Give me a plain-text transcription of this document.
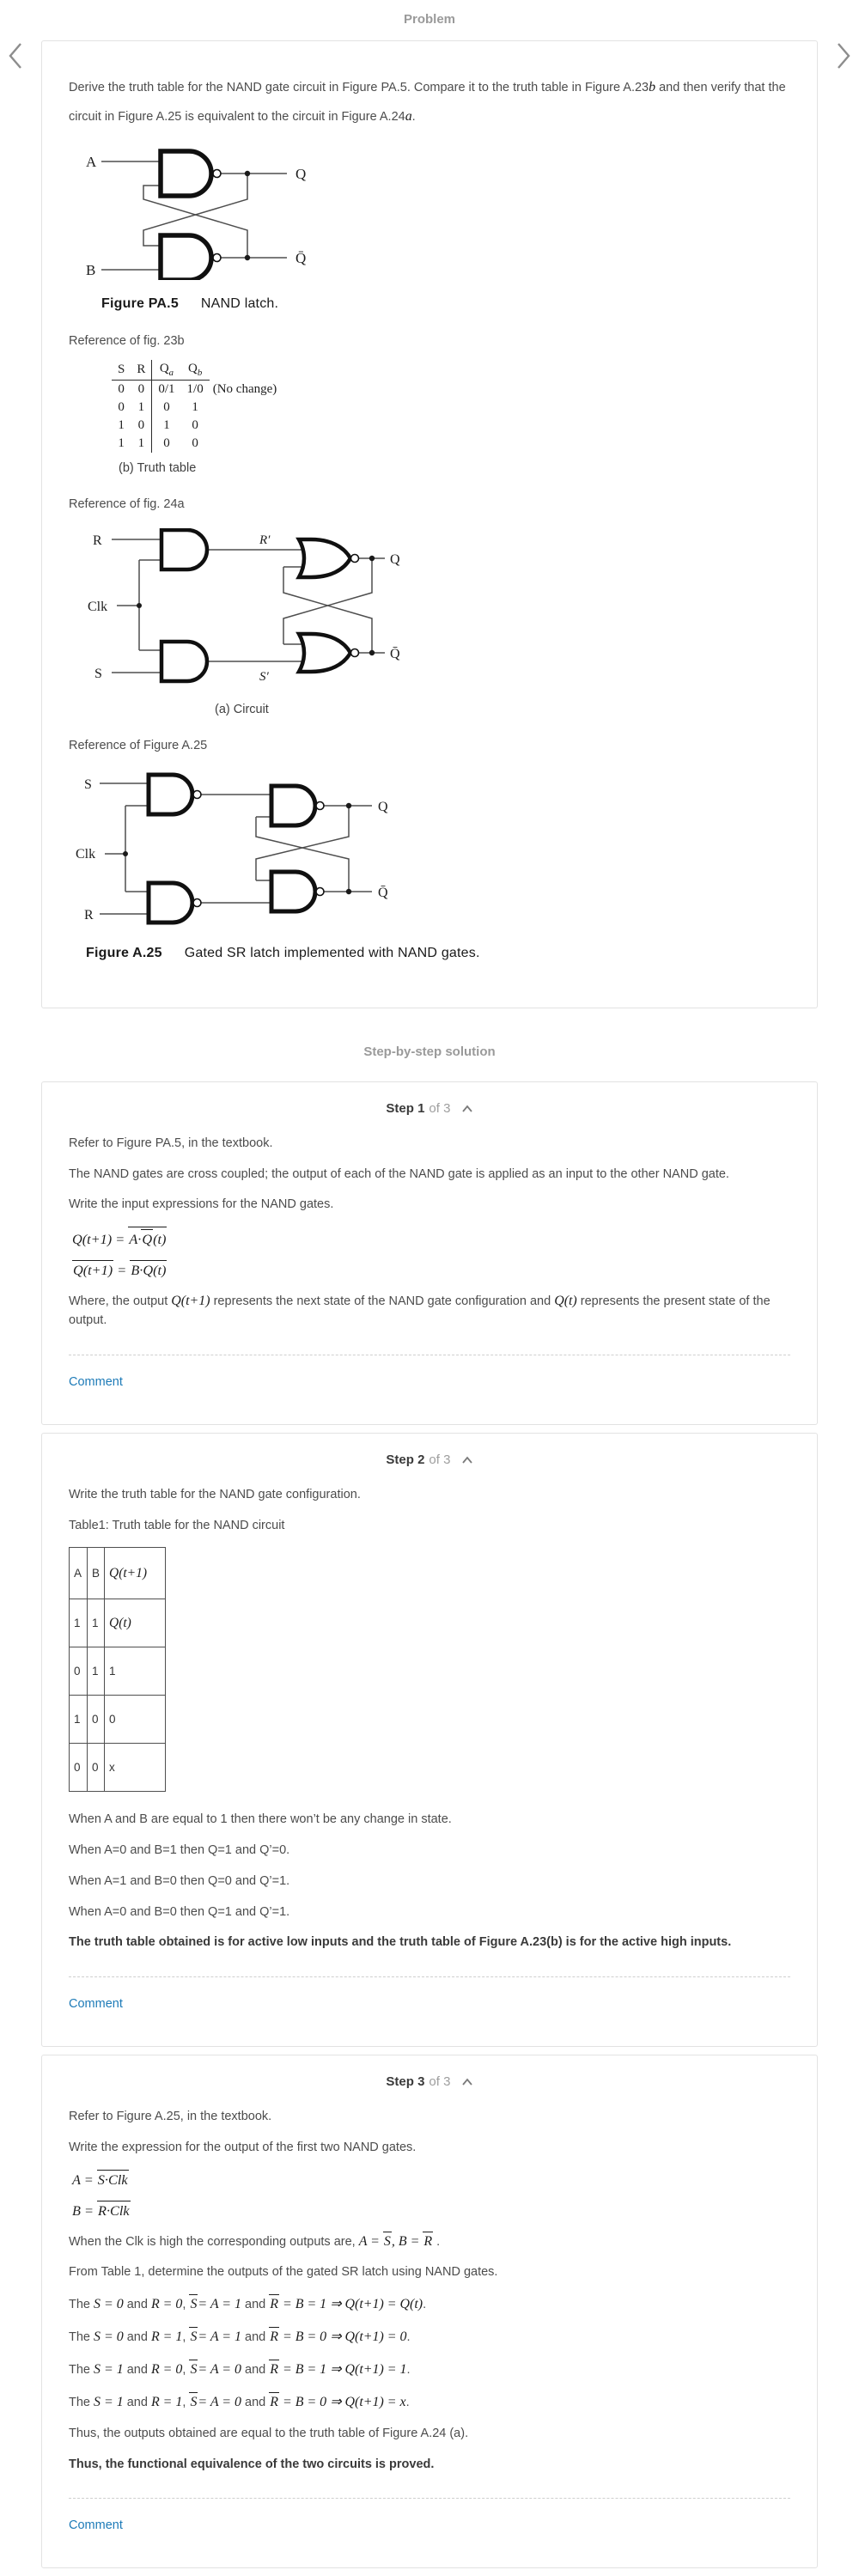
Problem
Derive the truth table for the NAND gate circuit in Figure PA.5. Compare it to the truth table in Figure A.23b and then verify that the
circuit in Figure A.25 is equivalent to the circuit in Figure A.24a.
A
B
Q
Q̄
Figure PA.5 NAND latch.
Reference of fig. 23b
S	R	$Q_a$	$Q_b$	
0	0	0/1	1/0	(No change)
0	1	0	1	
1	0	1	0	
1	1	0	0	
(b) Truth table
Reference of fig. 24a
R
Clk
S
R′
S′
Q
Q̄
(a) Circuit
Reference of Figure A.25
S
Clk
R
Q
Q̄
Figure A.25 Gated SR latch implemented with NAND gates.
Step-by-step solution
Step 1 of 3

Refer to Figure PA.5, in the textbook.

The NAND gates are cross coupled; the output of each of the NAND gate is applied as an input to the other NAND gate.

Write the input expressions for the NAND gates.

Q(t+1) = A·Q(t)
Q(t+1) = B·Q(t)

Where, the output Q(t+1) represents the next state of the NAND gate configuration and Q(t) represents the present state of the output.

Comment
Step 2 of 3

Write the truth table for the NAND gate configuration.

Table1: Truth table for the NAND circuit

A	B	Q(t+1)
1	1	Q(t)
0	1	1
1	0	0
0	0	x

When A and B are equal to 1 then there won’t be any change in state.

When A=0 and B=1 then Q=1 and Q’=0.

When A=1 and B=0 then Q=0 and Q’=1.

When A=0 and B=0 then Q=1 and Q’=1.

The truth table obtained is for active low inputs and the truth table of Figure A.23(b) is for the active high inputs.

Comment
Step 3 of 3

Refer to Figure A.25, in the textbook.

Write the expression for the output of the first two NAND gates.

A = S·Clk
B = R·Clk

When the Clk is high the corresponding outputs are, A = S, B = R .

From Table 1, determine the outputs of the gated SR latch using NAND gates.

The S = 0 and R = 0, S= A = 1 and R = B = 1 ⇒ Q(t+1) = Q(t).

The S = 0 and R = 1, S= A = 1 and R = B = 0 ⇒ Q(t+1) = 0.

The S = 1 and R = 0, S= A = 0 and R = B = 1 ⇒ Q(t+1) = 1.

The S = 1 and R = 1, S= A = 0 and R = B = 0 ⇒ Q(t+1) = x.

Thus, the outputs obtained are equal to the truth table of Figure A.24 (a).

Thus, the functional equivalence of the two circuits is proved.

Comment
